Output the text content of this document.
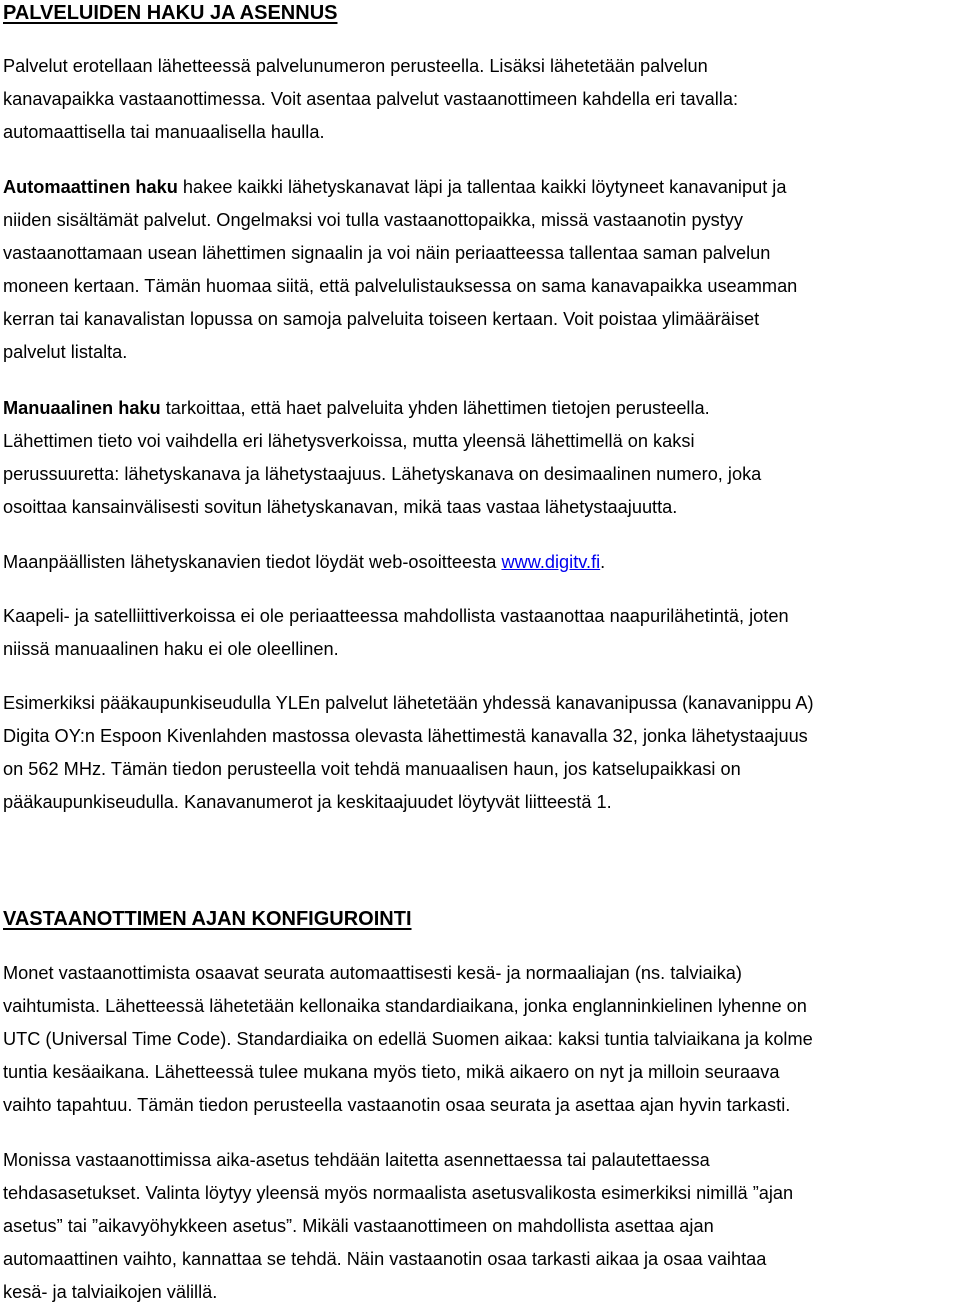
PALVELUIDEN HAKU JA ASENNUS

Palvelut erotellaan lähetteessä palvelunumeron perusteella. Lisäksi lähetetään palvelun
kanavapaikka vastaanottimessa. Voit asentaa palvelut vastaanottimeen kahdella eri tavalla:
automaattisella tai manuaalisella haulla.

Automaattinen haku hakee kaikki lähetyskanavat läpi ja tallentaa kaikki löytyneet kanavaniput ja
niiden sisältämät palvelut. Ongelmaksi voi tulla vastaanottopaikka, missä vastaanotin pystyy
vastaanottamaan usean lähettimen signaalin ja voi näin periaatteessa tallentaa saman palvelun
moneen kertaan. Tämän huomaa siitä, että palvelulistauksessa on sama kanavapaikka useamman
kerran tai kanavalistan lopussa on samoja palveluita toiseen kertaan. Voit poistaa ylimääräiset
palvelut listalta.

Manuaalinen haku tarkoittaa, että haet palveluita yhden lähettimen tietojen perusteella.
Lähettimen tieto voi vaihdella eri lähetysverkoissa, mutta yleensä lähettimellä on kaksi
perussuuretta: lähetyskanava ja lähetystaajuus. Lähetyskanava on desimaalinen numero, joka
osoittaa kansainvälisesti sovitun lähetyskanavan, mikä taas vastaa lähetystaajuutta.

Maanpäällisten lähetyskanavien tiedot löydät web-osoitteesta www.digitv.fi.

Kaapeli- ja satelliittiverkoissa ei ole periaatteessa mahdollista vastaanottaa naapurilähetintä, joten
niissä manuaalinen haku ei ole oleellinen.

Esimerkiksi pääkaupunkiseudulla YLEn palvelut lähetetään yhdessä kanavanipussa (kanavanippu A)
Digita OY:n Espoon Kivenlahden mastossa olevasta lähettimestä kanavalla 32, jonka lähetystaajuus
on 562 MHz. Tämän tiedon perusteella voit tehdä manuaalisen haun, jos katselupaikkasi on
pääkaupunkiseudulla. Kanavanumerot ja keskitaajuudet löytyvät liitteestä 1.

VASTAANOTTIMEN AJAN KONFIGUROINTI

Monet vastaanottimista osaavat seurata automaattisesti kesä- ja normaaliajan (ns. talviaika)
vaihtumista. Lähetteessä lähetetään kellonaika standardiaikana, jonka englanninkielinen lyhenne on
UTC (Universal Time Code). Standardiaika on edellä Suomen aikaa: kaksi tuntia talviaikana ja kolme
tuntia kesäaikana. Lähetteessä tulee mukana myös tieto, mikä aikaero on nyt ja milloin seuraava
vaihto tapahtuu. Tämän tiedon perusteella vastaanotin osaa seurata ja asettaa ajan hyvin tarkasti.

Monissa vastaanottimissa aika-asetus tehdään laitetta asennettaessa tai palautettaessa
tehdasasetukset. Valinta löytyy yleensä myös normaalista asetusvalikosta esimerkiksi nimillä ”ajan
asetus” tai ”aikavyöhykkeen asetus”. Mikäli vastaanottimeen on mahdollista asettaa ajan
automaattinen vaihto, kannattaa se tehdä. Näin vastaanotin osaa tarkasti aikaa ja osaa vaihtaa
kesä- ja talviaikojen välillä.
